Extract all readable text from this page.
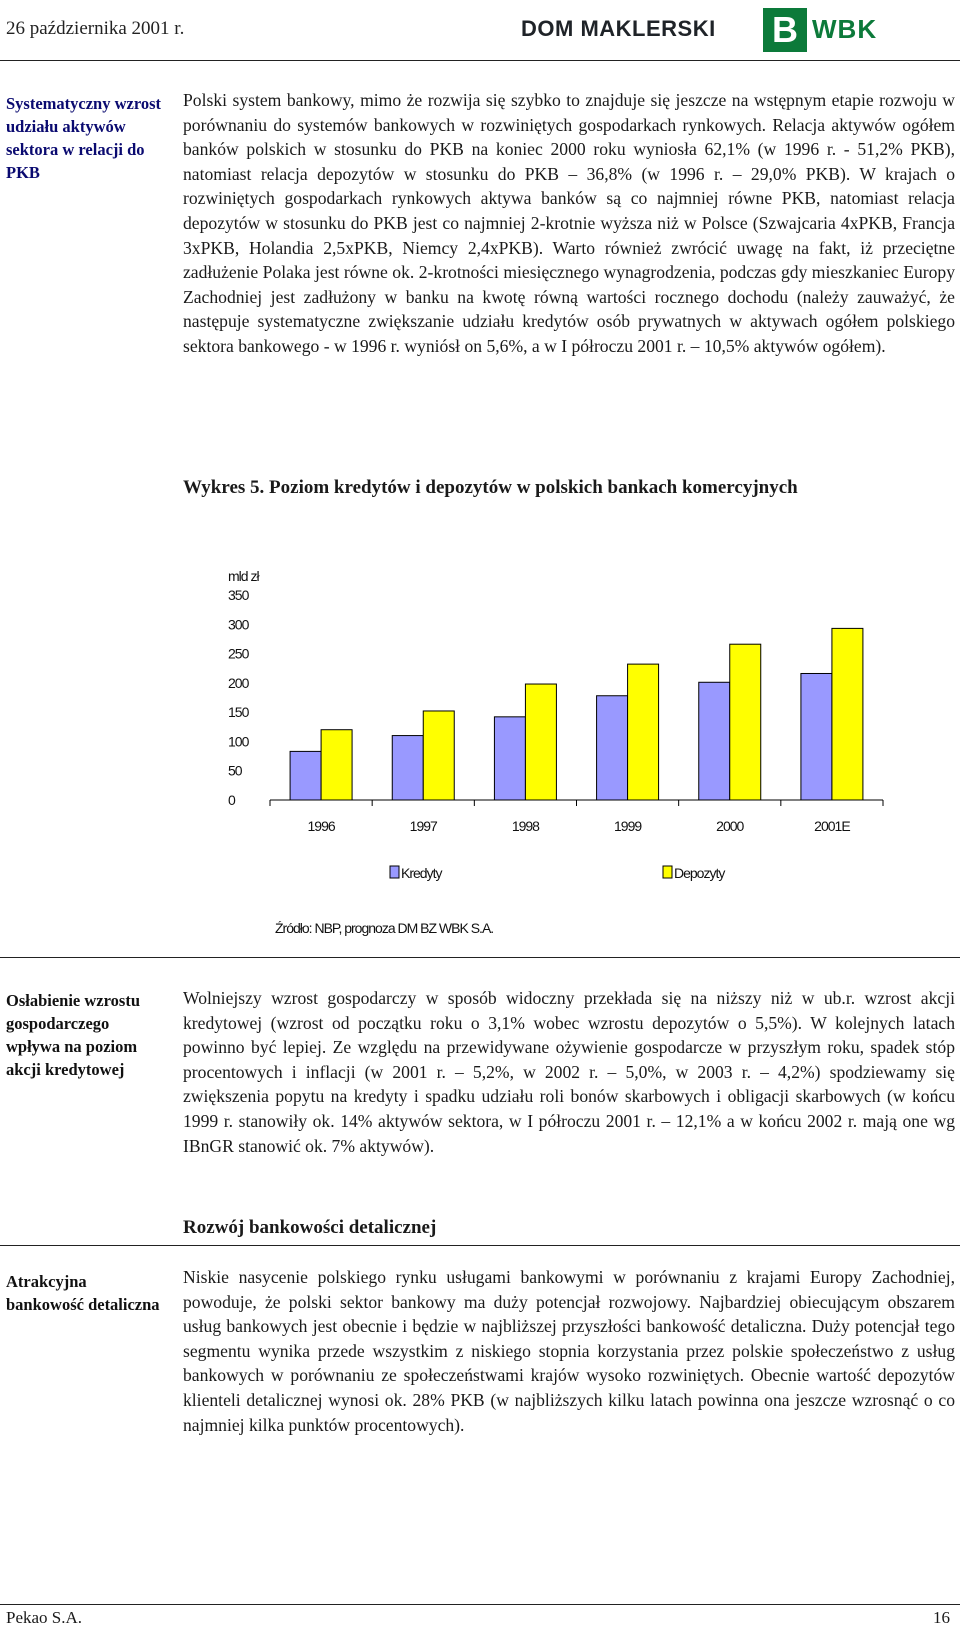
26 października 2001 r.	DOM MAKLERSKI B WBK
Systematyczny wzrost udziału aktywów sektora w relacji do PKB

Polski system bankowy, mimo że rozwija się szybko to znajduje się jeszcze na wstępnym etapie rozwoju w porównaniu do systemów bankowych w rozwiniętych gospodarkach rynkowych. Relacja aktywów ogółem banków polskich w stosunku do PKB na koniec 2000 roku wyniosła 62,1% (w 1996 r. - 51,2% PKB), natomiast relacja depozytów w stosunku do PKB – 36,8% (w 1996 r. – 29,0% PKB). W krajach o rozwiniętych gospodarkach rynkowych aktywa banków są co najmniej równe PKB, natomiast relacja depozytów w stosunku do PKB jest co najmniej 2-krotnie wyższa niż w Polsce (Szwajcaria 4xPKB, Francja 3xPKB, Holandia 2,5xPKB, Niemcy 2,4xPKB). Warto również zwrócić uwagę na fakt, iż przeciętne zadłużenie Polaka jest równe ok. 2-krotności miesięcznego wynagrodzenia, podczas gdy mieszkaniec Europy Zachodniej jest zadłużony w banku na kwotę równą wartości rocznego dochodu (należy zauważyć, że następuje systematyczne zwiększanie udziału kredytów osób prywatnych w aktywach ogółem polskiego sektora bankowego - w 1996 r. wyniósł on 5,6%, a w I półroczu 2001 r. – 10,5% aktywów ogółem).

Wykres 5. Poziom kredytów i depozytów w polskich bankach komercyjnych
mld zł
0
50
100
150
200
250
300
350
1996	1997	1998	1999	2000	2001E
Kredyty	Depozyty
Źródło: NBP, prognoza DM BZ WBK S.A.
Osłabienie wzrostu gospodarczego wpływa na poziom akcji kredytowej

Wolniejszy wzrost gospodarczy w sposób widoczny przekłada się na niższy niż w ub.r. wzrost akcji kredytowej (wzrost od początku roku o 3,1% wobec wzrostu depozytów o 5,5%). W kolejnych latach powinno być lepiej. Ze względu na przewidywane ożywienie gospodarcze w przyszłym roku, spadek stóp procentowych i inflacji (w 2001 r. – 5,2%, w 2002 r. – 5,0%, w 2003 r. – 4,2%) spodziewamy się zwiększenia popytu na kredyty i spadku udziału roli bonów skarbowych i obligacji skarbowych (w końcu 1999 r. stanowiły ok. 14% aktywów sektora, w I półroczu 2001 r. – 12,1% a w końcu 2002 r. mają one wg IBnGR stanowić ok. 7% aktywów).

Rozwój bankowości detalicznej
Atrakcyjna bankowość detaliczna

Niskie nasycenie polskiego rynku usługami bankowymi w porównaniu z krajami Europy Zachodniej, powoduje, że polski sektor bankowy ma duży potencjał rozwojowy. Najbardziej obiecującym obszarem usług bankowych jest obecnie i będzie w najbliższej przyszłości bankowość detaliczna. Duży potencjał tego segmentu wynika przede wszystkim z niskiego stopnia korzystania przez polskie społeczeństwo z usług bankowych w porównaniu ze społeczeństwami krajów wysoko rozwiniętych. Obecnie wartość depozytów klienteli detalicznej wynosi ok. 28% PKB (w najbliższych kilku latach powinna ona jeszcze wzrosnąć o co najmniej kilka punktów procentowych).

Pekao S.A.	16
